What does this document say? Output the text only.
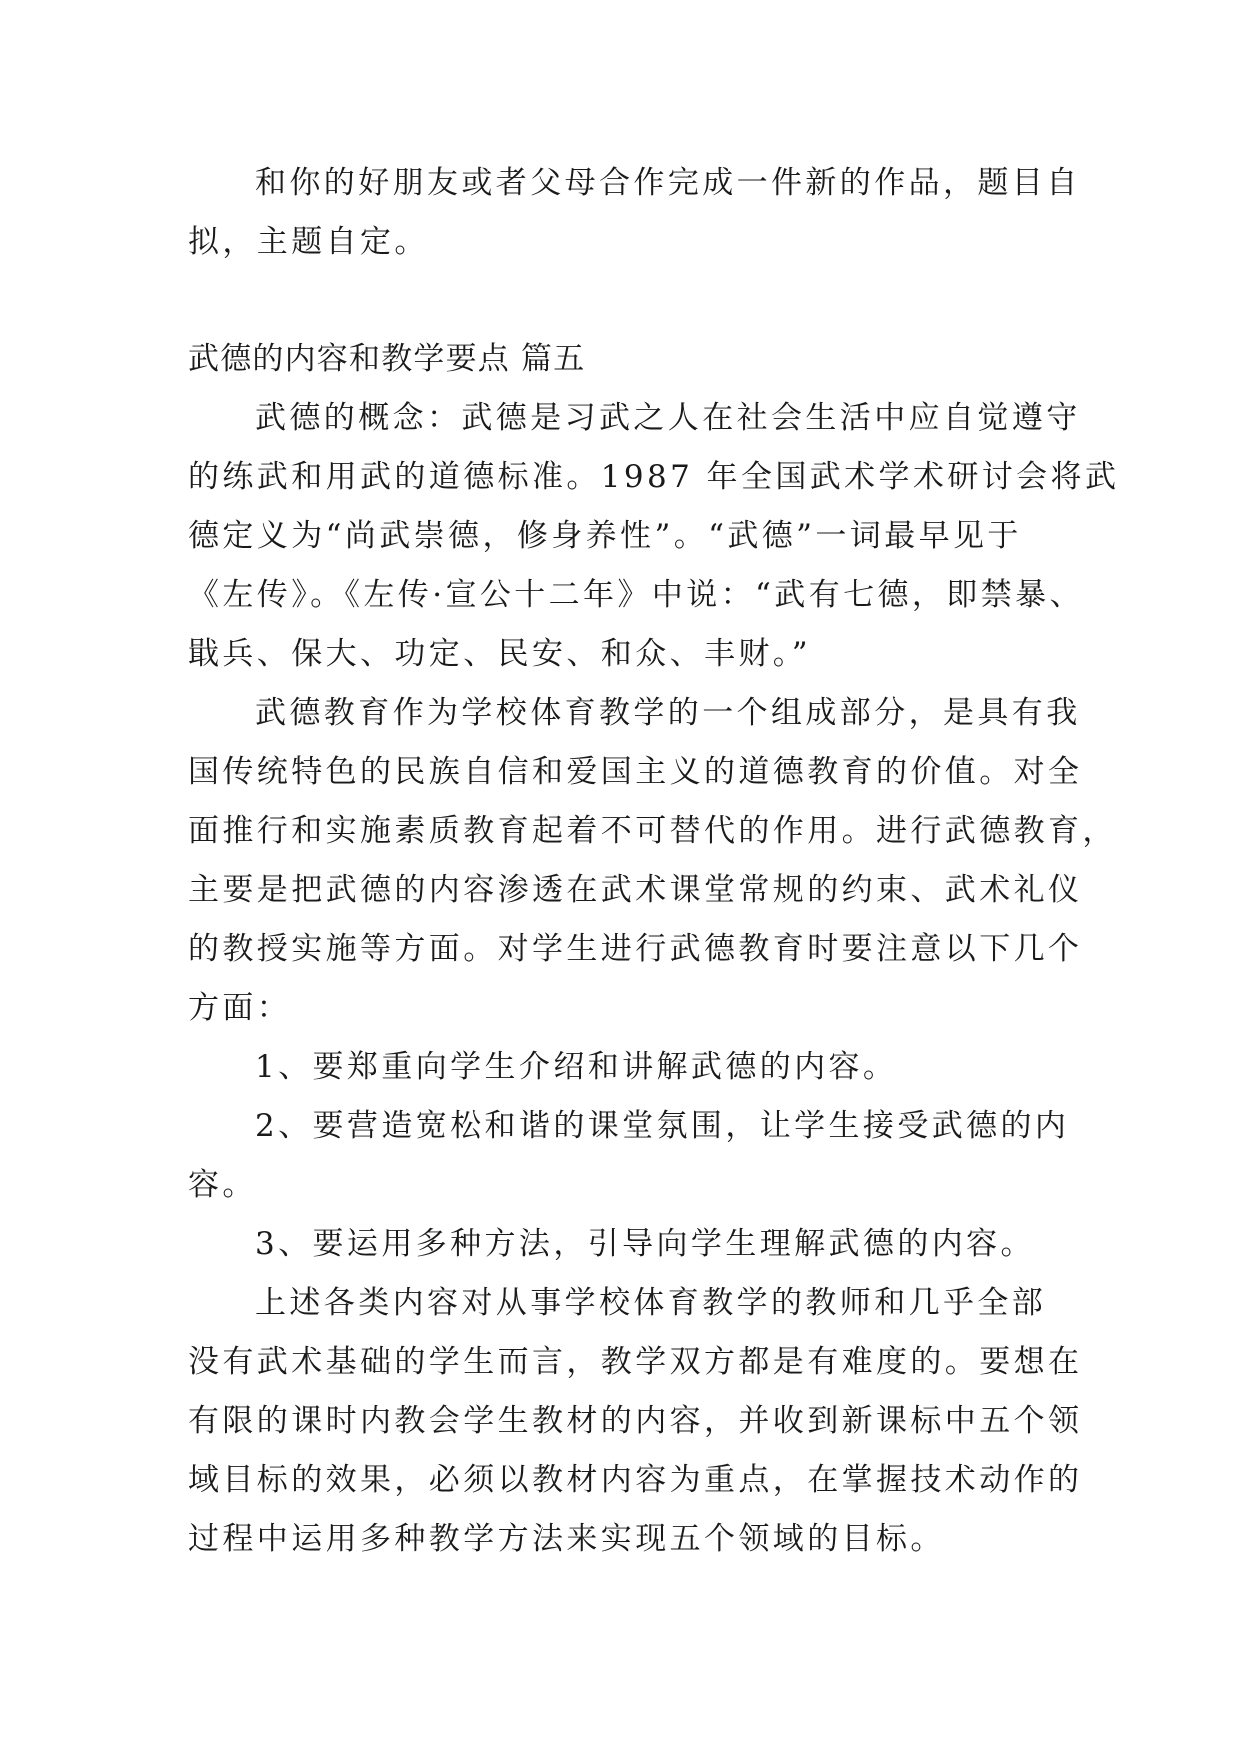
和你的好朋友或者父母合作完成一件新的作品，题目自
拟，主题自定。
武德的内容和教学要点 篇五
武德的概念：武德是习武之人在社会生活中应自觉遵守
的练武和用武的道德标准。1987 年全国武术学术研讨会将武
德定义为“尚武崇德，修身养性”。“武德”一词最早见于
《左传》。《左传·宣公十二年》中说：“武有七德，即禁暴、
戢兵、保大、功定、民安、和众、丰财。”
武德教育作为学校体育教学的一个组成部分，是具有我
国传统特色的民族自信和爱国主义的道德教育的价值。对全
面推行和实施素质教育起着不可替代的作用。进行武德教育，
主要是把武德的内容渗透在武术课堂常规的约束、武术礼仪
的教授实施等方面。对学生进行武德教育时要注意以下几个
方面：
1、要郑重向学生介绍和讲解武德的内容。
2、要营造宽松和谐的课堂氛围，让学生接受武德的内
容。
3、要运用多种方法，引导向学生理解武德的内容。
上述各类内容对从事学校体育教学的教师和几乎全部
没有武术基础的学生而言，教学双方都是有难度的。要想在
有限的课时内教会学生教材的内容，并收到新课标中五个领
域目标的效果，必须以教材内容为重点，在掌握技术动作的
过程中运用多种教学方法来实现五个领域的目标。
